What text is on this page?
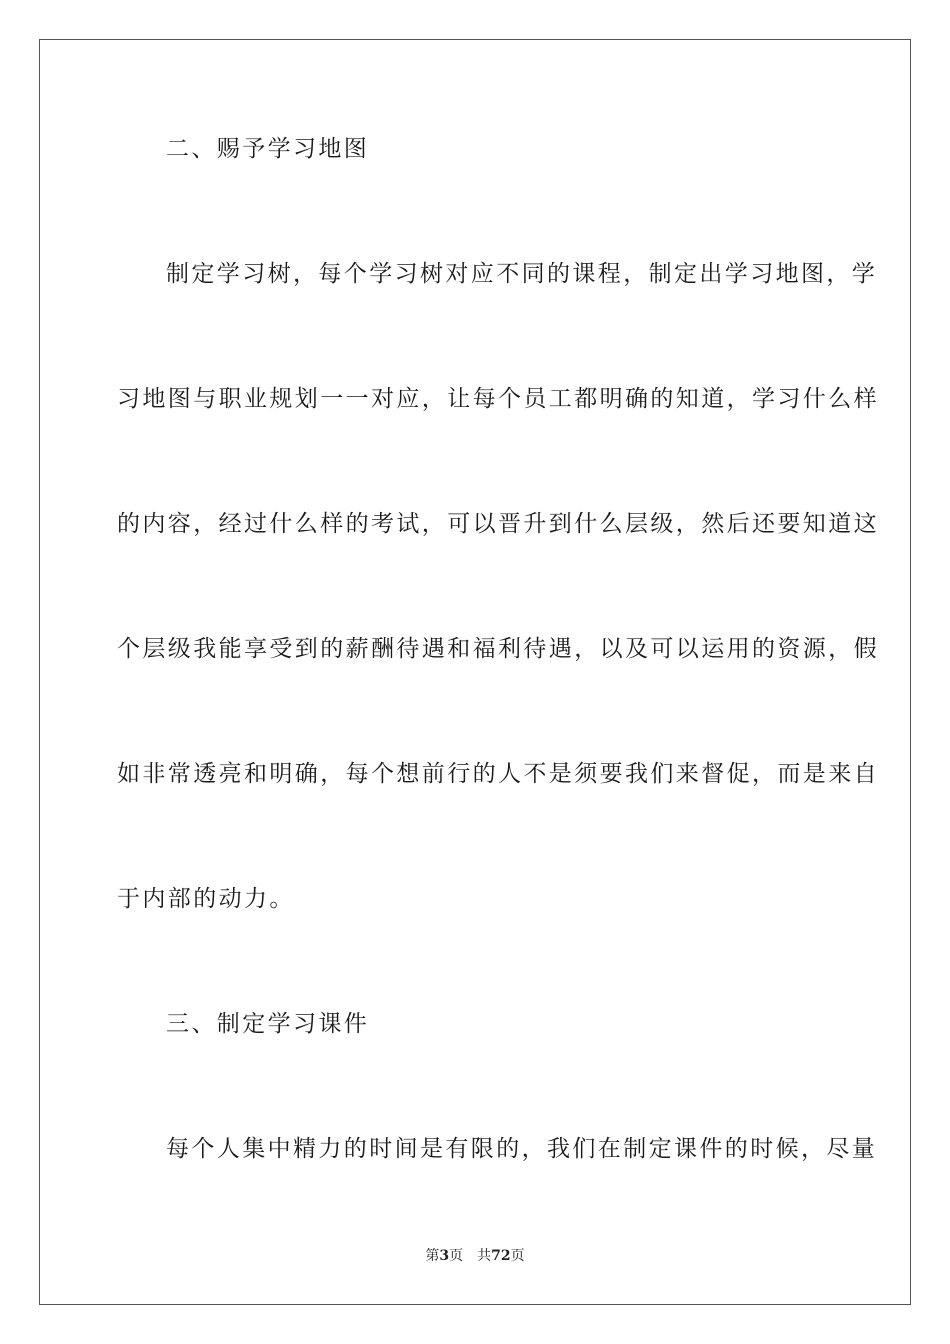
二、赐予学习地图
制定学习树，每个学习树对应不同的课程，制定出学习地图，学
习地图与职业规划一一对应，让每个员工都明确的知道，学习什么样
的内容，经过什么样的考试，可以晋升到什么层级，然后还要知道这
个层级我能享受到的薪酬待遇和福利待遇，以及可以运用的资源，假
如非常透亮和明确，每个想前行的人不是须要我们来督促，而是来自
于内部的动力。
三、制定学习课件
每个人集中精力的时间是有限的，我们在制定课件的时候，尽量
第3页 共72页
